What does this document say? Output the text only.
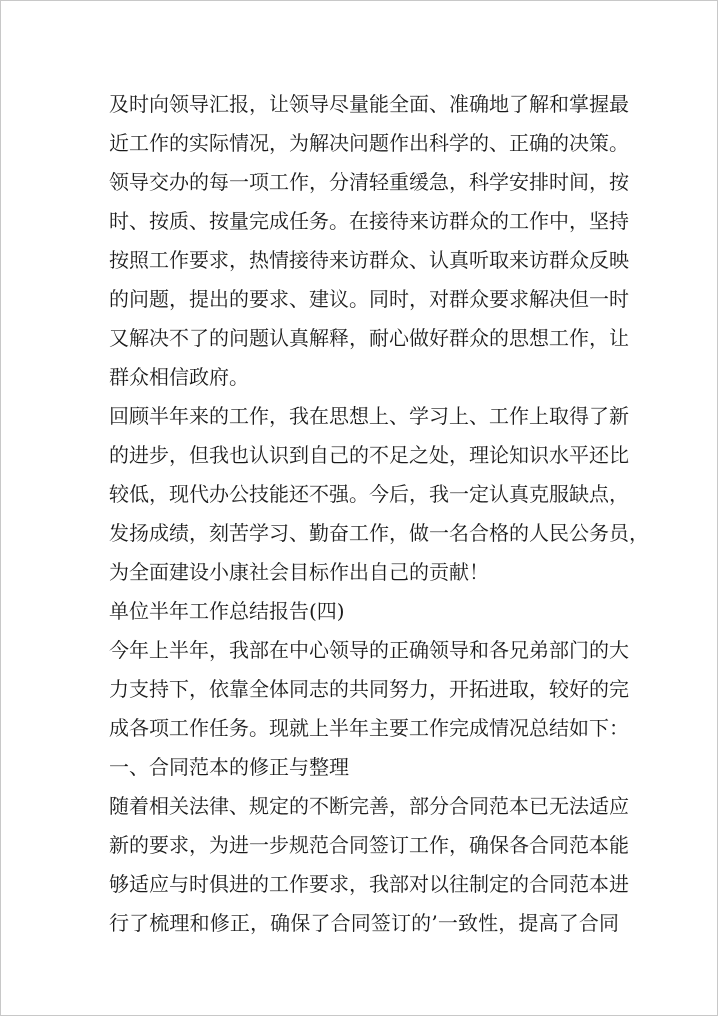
及时向领导汇报，让领导尽量能全面、准确地了解和掌握最
近工作的实际情况，为解决问题作出科学的、正确的决策。
领导交办的每一项工作，分清轻重缓急，科学安排时间，按
时、按质、按量完成任务。在接待来访群众的工作中，坚持
按照工作要求，热情接待来访群众、认真听取来访群众反映
的问题，提出的要求、建议。同时，对群众要求解决但一时
又解决不了的问题认真解释，耐心做好群众的思想工作，让
群众相信政府。
回顾半年来的工作，我在思想上、学习上、工作上取得了新
的进步，但我也认识到自己的不足之处，理论知识水平还比
较低，现代办公技能还不强。今后，我一定认真克服缺点，
发扬成绩，刻苦学习、勤奋工作，做一名合格的人民公务员，
为全面建设小康社会目标作出自己的贡献！
单位半年工作总结报告(四)
今年上半年，我部在中心领导的正确领导和各兄弟部门的大
力支持下，依靠全体同志的共同努力，开拓进取，较好的完
成各项工作任务。现就上半年主要工作完成情况总结如下：
一、合同范本的修正与整理
随着相关法律、规定的不断完善，部分合同范本已无法适应
新的要求，为进一步规范合同签订工作，确保各合同范本能
够适应与时俱进的工作要求，我部对以往制定的合同范本进
行了梳理和修正，确保了合同签订的’一致性，提高了合同
